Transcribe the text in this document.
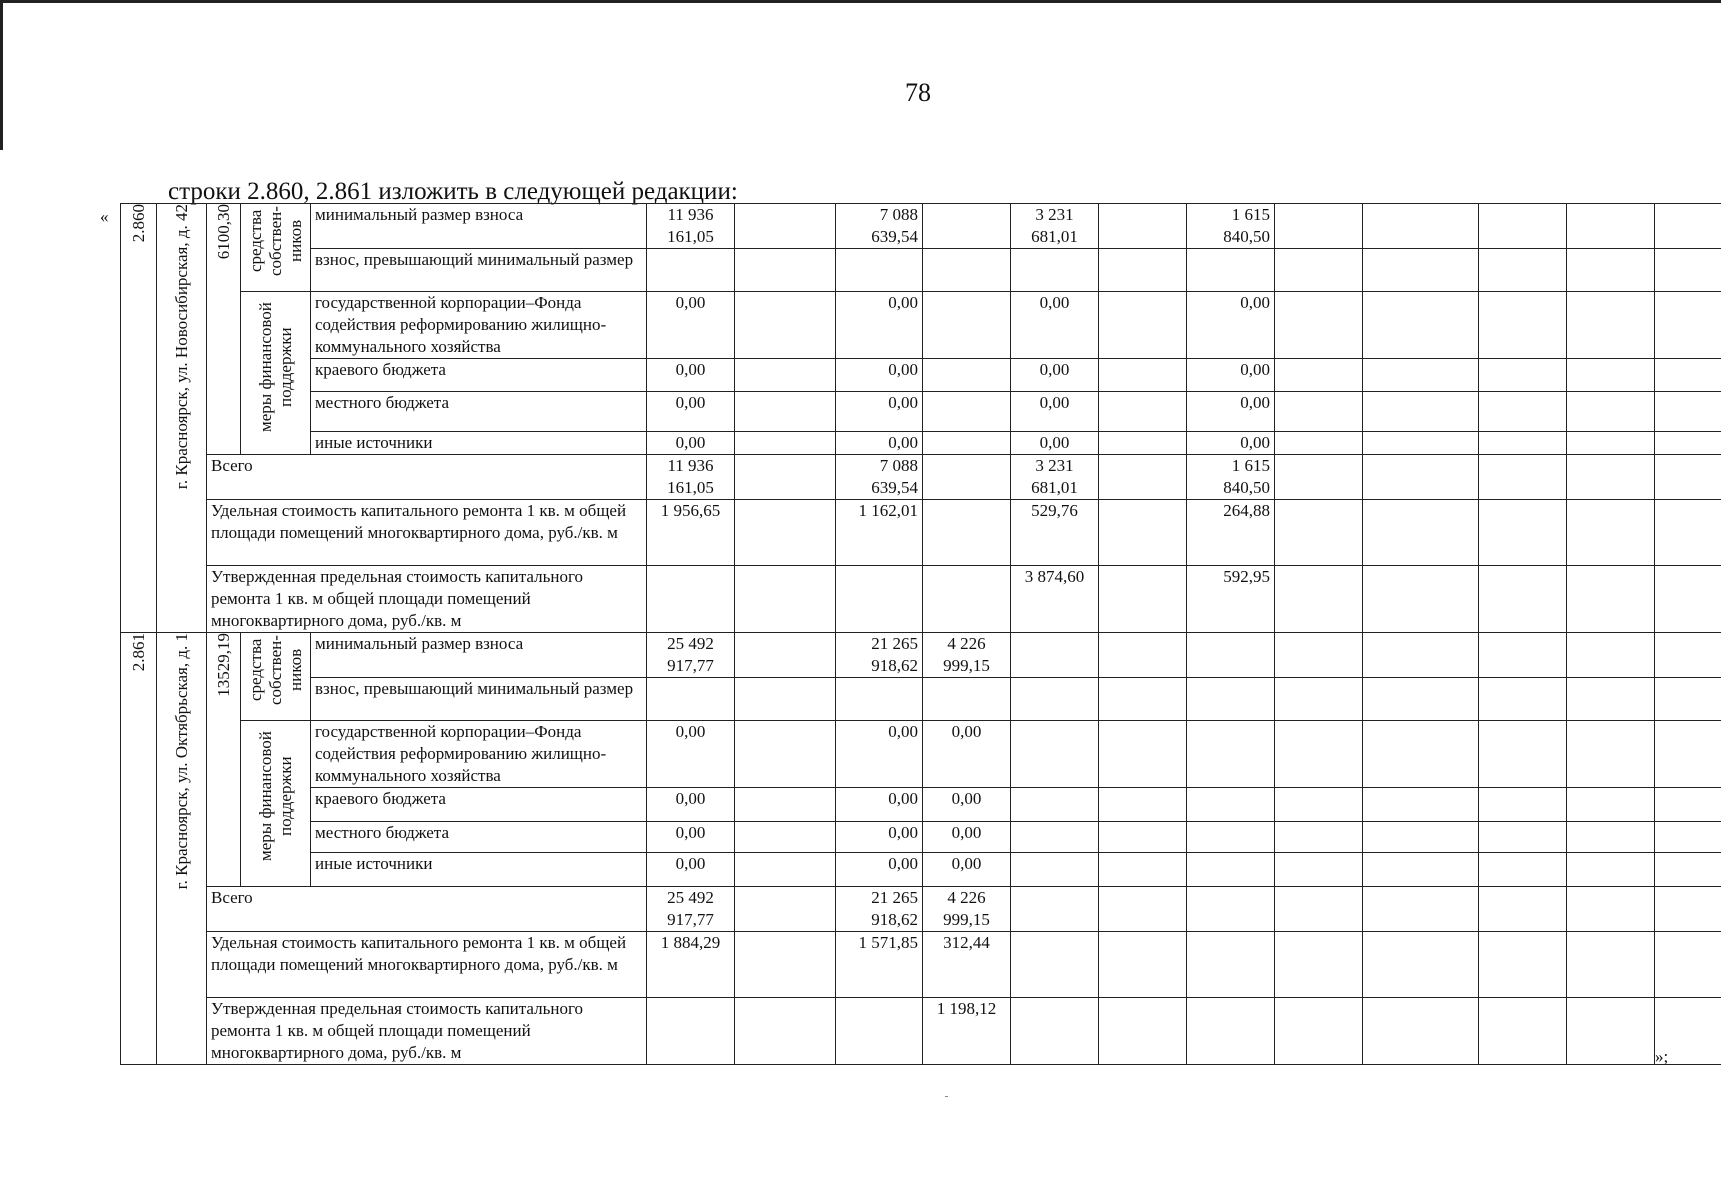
78
строки 2.860, 2.861 изложить в следующей редакции:
«
»;
2.860	г. Красноярск, ул. Новосибирская, д. 42	6100,30	средства собствен-ников	минимальный размер взноса	11 936 161,05		7 088 639,54		3 231 681,01		1 615 840,50					
				взнос, превышающий минимальный размер												
			меры финансовой поддержки	государственной корпорации–Фонда содействия реформированию жилищно-коммунального хозяйства	0,00		0,00		0,00		0,00					
				краевого бюджета	0,00		0,00		0,00		0,00					
				местного бюджета	0,00		0,00		0,00		0,00					
				иные источники	0,00		0,00		0,00		0,00					
		Всего			11 936 161,05		7 088 639,54		3 231 681,01		1 615 840,50					
		Удельная стоимость капитального ремонта 1 кв. м общей площади помещений многоквартирного дома, руб./кв. м			1 956,65		1 162,01		529,76		264,88					
		Утвержденная предельная стоимость капитального ремонта 1 кв. м общей площади помещений многоквартирного дома, руб./кв. м							3 874,60		592,95					
2.861	г. Красноярск, ул. Октябрьская, д. 1	13529,19	средства собствен-ников	минимальный размер взноса	25 492 917,77		21 265 918,62	4 226 999,15								
				взнос, превышающий минимальный размер												
			меры финансовой поддержки	государственной корпорации–Фонда содействия реформированию жилищно-коммунального хозяйства	0,00		0,00	0,00								
				краевого бюджета	0,00		0,00	0,00								
				местного бюджета	0,00		0,00	0,00								
				иные источники	0,00		0,00	0,00								
		Всего			25 492 917,77		21 265 918,62	4 226 999,15								
		Удельная стоимость капитального ремонта 1 кв. м общей площади помещений многоквартирного дома, руб./кв. м			1 884,29		1 571,85	312,44								
		Утвержденная предельная стоимость капитального ремонта 1 кв. м общей площади помещений многоквартирного дома, руб./кв. м						1 198,12								
